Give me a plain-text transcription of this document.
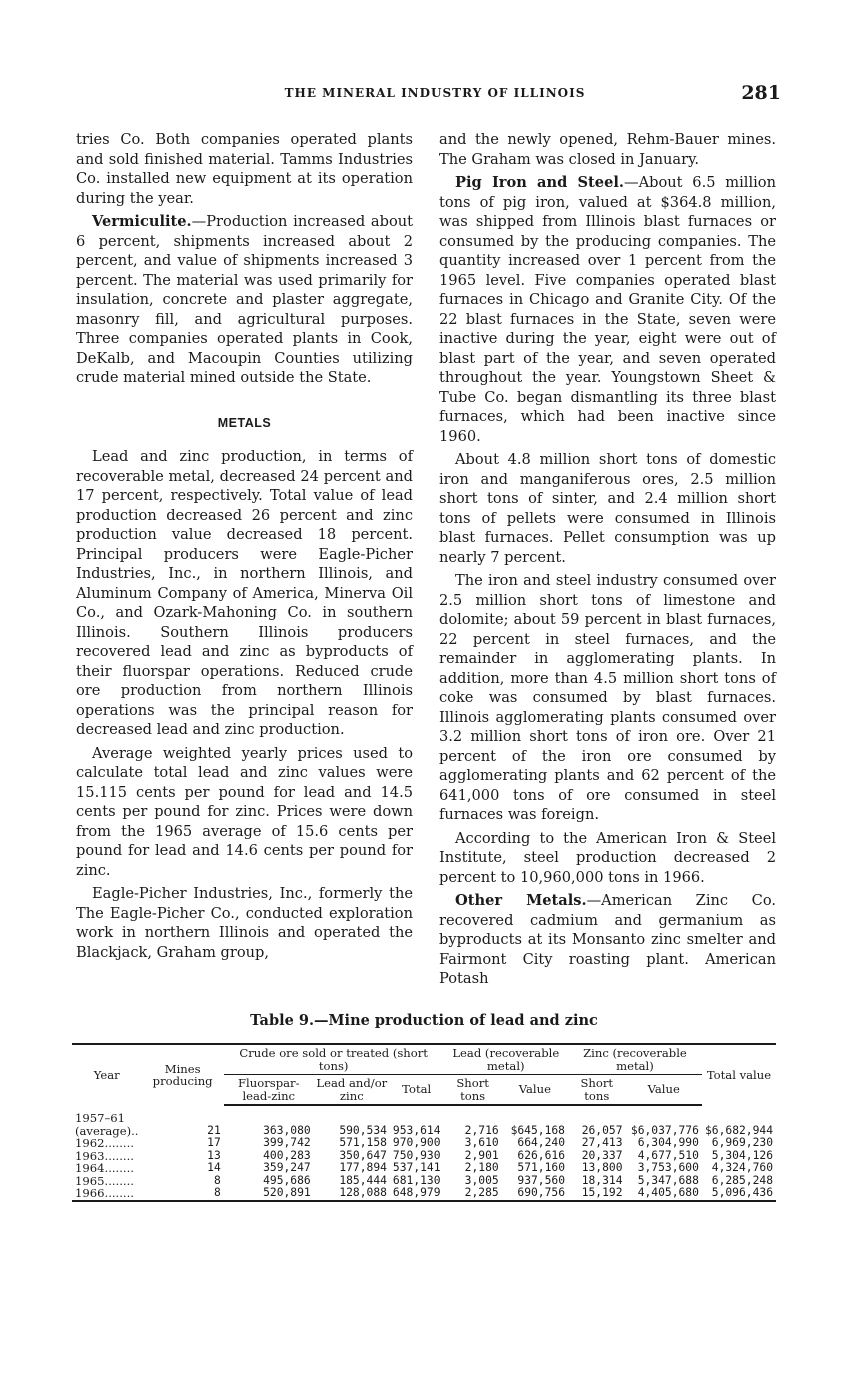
THE MINERAL INDUSTRY OF ILLINOIS	281

tries Co. Both companies operated plants and sold finished material. Tamms Industries Co. installed new equipment at its operation during the year.

Vermiculite.—Production increased about 6 percent, shipments increased about 2 percent, and value of shipments increased 3 percent. The material was used primarily for insulation, concrete and plaster aggregate, masonry fill, and agricultural purposes. Three companies operated plants in Cook, DeKalb, and Macoupin Counties utilizing crude material mined outside the State.

METALS

Lead and zinc production, in terms of recoverable metal, decreased 24 percent and 17 percent, respectively. Total value of lead production decreased 26 percent and zinc production value decreased 18 percent. Principal producers were Eagle-Picher Industries, Inc., in northern Illinois, and Aluminum Company of America, Minerva Oil Co., and Ozark-Mahoning Co. in southern Illinois. Southern Illinois producers recovered lead and zinc as byproducts of their fluorspar operations. Reduced crude ore production from northern Illinois operations was the principal reason for decreased lead and zinc production.

Average weighted yearly prices used to calculate total lead and zinc values were 15.115 cents per pound for lead and 14.5 cents per pound for zinc. Prices were down from the 1965 average of 15.6 cents per pound for lead and 14.6 cents per pound for zinc.

Eagle-Picher Industries, Inc., formerly the The Eagle-Picher Co., conducted exploration work in northern Illinois and operated the Blackjack, Graham group,

and the newly opened, Rehm-Bauer mines. The Graham was closed in January.

Pig Iron and Steel.—About 6.5 million tons of pig iron, valued at $364.8 million, was shipped from Illinois blast furnaces or consumed by the producing companies. The quantity increased over 1 percent from the 1965 level. Five companies operated blast furnaces in Chicago and Granite City. Of the 22 blast furnaces in the State, seven were inactive during the year, eight were out of blast part of the year, and seven operated throughout the year. Youngstown Sheet & Tube Co. began dismantling its three blast furnaces, which had been inactive since 1960.

About 4.8 million short tons of domestic iron and manganiferous ores, 2.5 million short tons of sinter, and 2.4 million short tons of pellets were consumed in Illinois blast furnaces. Pellet consumption was up nearly 7 percent.

The iron and steel industry consumed over 2.5 million short tons of limestone and dolomite; about 59 percent in blast furnaces, 22 percent in steel furnaces, and the remainder in agglomerating plants. In addition, more than 4.5 million short tons of coke was consumed by blast furnaces. Illinois agglomerating plants consumed over 3.2 million short tons of iron ore. Over 21 percent of the iron ore consumed by agglomerating plants and 62 percent of the 641,000 tons of ore consumed in steel furnaces was foreign.

According to the American Iron & Steel Institute, steel production decreased 2 percent to 10,960,000 tons in 1966.

Other Metals.—American Zinc Co. recovered cadmium and germanium as byproducts at its Monsanto zinc smelter and Fairmont City roasting plant. American Potash

Table 9.—Mine production of lead and zinc
Year	Mines producing	Crude ore sold or treated (short tons)			Lead (recoverable metal)		Zinc (recoverable metal)		Total value
		Fluorspar-lead-zinc	Lead and/or zinc	Total	Short tons	Value	Short tons	Value	

1957–61									
(average)..	21	363,080	590,534	953,614	2,716	$645,168	26,057	$6,037,776	$6,682,944
1962........	17	399,742	571,158	970,900	3,610	664,240	27,413	6,304,990	6,969,230
1963........	13	400,283	350,647	750,930	2,901	626,616	20,337	4,677,510	5,304,126
1964........	14	359,247	177,894	537,141	2,180	571,160	13,800	3,753,600	4,324,760
1965........	8	495,686	185,444	681,130	3,005	937,560	18,314	5,347,688	6,285,248
1966........	8	520,891	128,088	648,979	2,285	690,756	15,192	4,405,680	5,096,436
